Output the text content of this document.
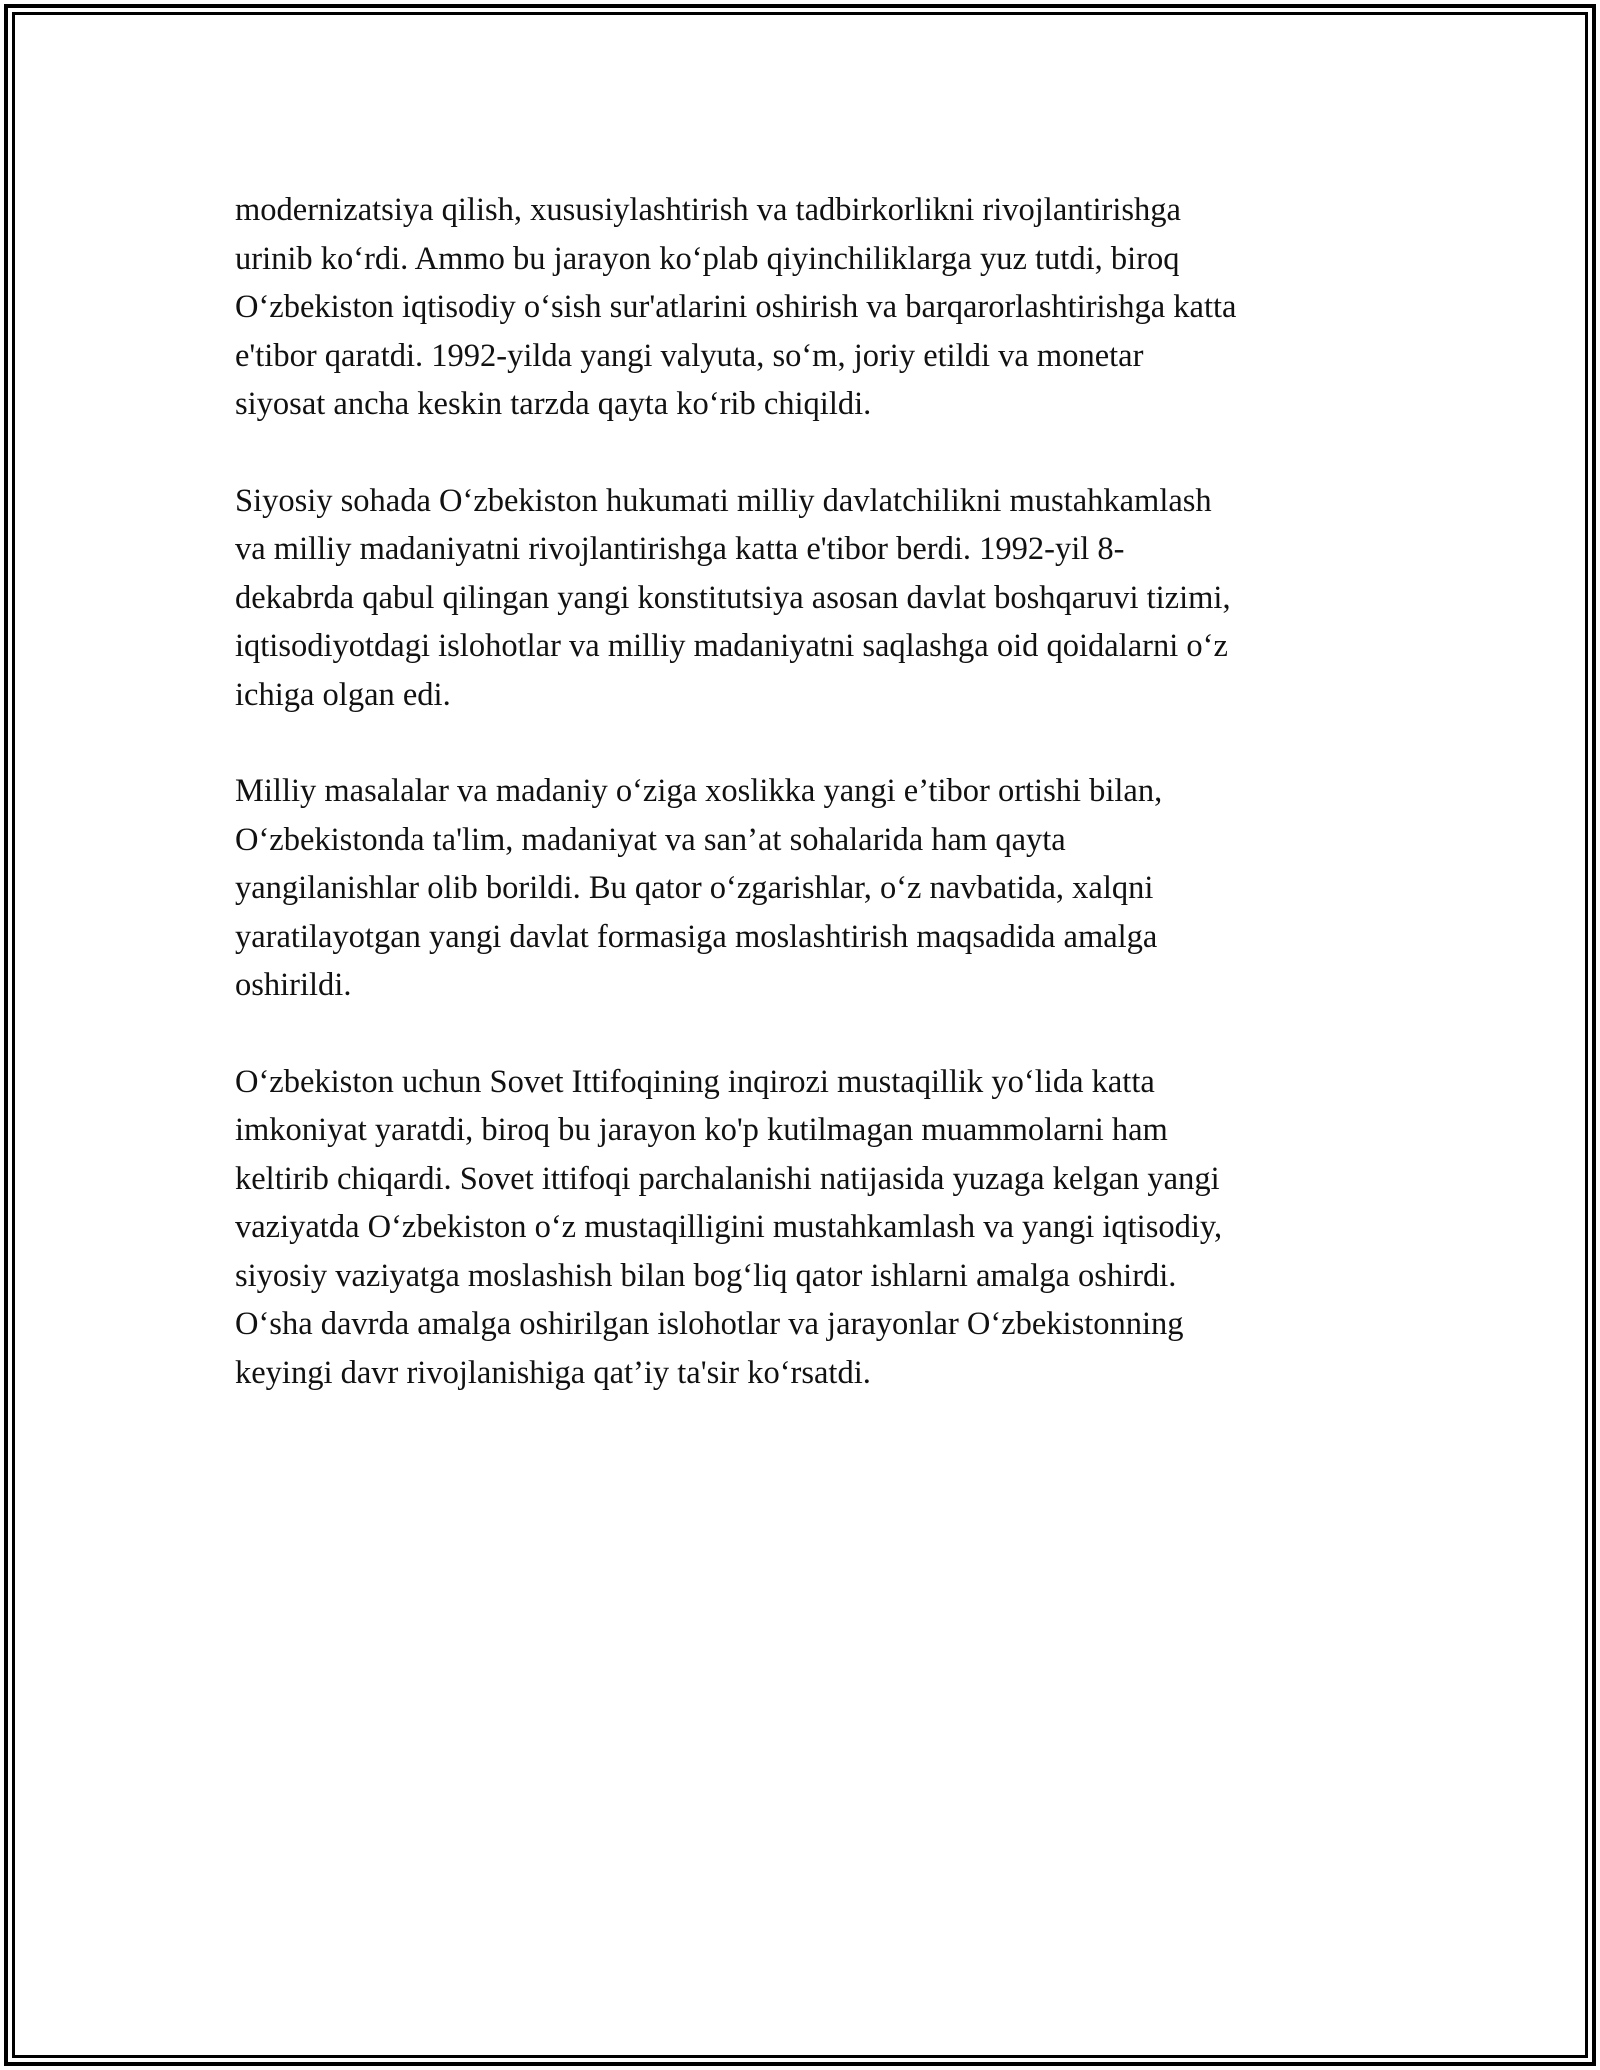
modernizatsiya qilish, xususiylashtirish va tadbirkorlikni rivojlantirishga
urinib ko‘rdi. Ammo bu jarayon ko‘plab qiyinchiliklarga yuz tutdi, biroq
O‘zbekiston iqtisodiy o‘sish sur'atlarini oshirish va barqarorlashtirishga katta
e'tibor qaratdi. 1992-yilda yangi valyuta, so‘m, joriy etildi va monetar
siyosat ancha keskin tarzda qayta ko‘rib chiqildi.

Siyosiy sohada O‘zbekiston hukumati milliy davlatchilikni mustahkamlash
va milliy madaniyatni rivojlantirishga katta e'tibor berdi. 1992-yil 8-
dekabrda qabul qilingan yangi konstitutsiya asosan davlat boshqaruvi tizimi,
iqtisodiyotdagi islohotlar va milliy madaniyatni saqlashga oid qoidalarni o‘z
ichiga olgan edi.

Milliy masalalar va madaniy o‘ziga xoslikka yangi e’tibor ortishi bilan,
O‘zbekistonda ta'lim, madaniyat va san’at sohalarida ham qayta
yangilanishlar olib borildi. Bu qator o‘zgarishlar, o‘z navbatida, xalqni
yaratilayotgan yangi davlat formasiga moslashtirish maqsadida amalga
oshirildi.

O‘zbekiston uchun Sovet Ittifoqining inqirozi mustaqillik yo‘lida katta
imkoniyat yaratdi, biroq bu jarayon ko'p kutilmagan muammolarni ham
keltirib chiqardi. Sovet ittifoqi parchalanishi natijasida yuzaga kelgan yangi
vaziyatda O‘zbekiston o‘z mustaqilligini mustahkamlash va yangi iqtisodiy,
siyosiy vaziyatga moslashish bilan bog‘liq qator ishlarni amalga oshirdi.
O‘sha davrda amalga oshirilgan islohotlar va jarayonlar O‘zbekistonning
keyingi davr rivojlanishiga qat’iy ta'sir ko‘rsatdi.
